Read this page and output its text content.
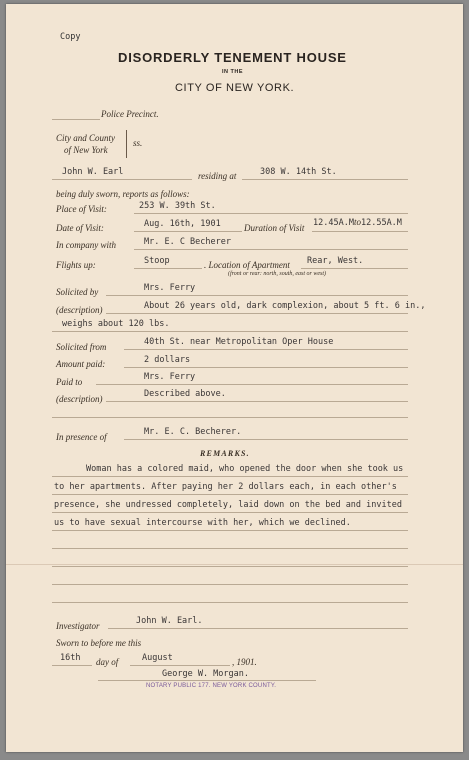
Copy
DISORDERLY TENEMENT HOUSE
IN THE
CITY OF NEW YORK.
Police Precinct.
City and County
of New York
ss.
John W. Earl	residing at	308 W. 14th St.
being duly sworn, reports as follows:
Place of Visit:	253 W. 39th St.
Date of Visit:	Aug. 16th, 1901	Duration of Visit 12.45A.Mto12.55A.M
In company with	Mr. E. C Becherer
Flights up:	Stoop	. Location of Apartment Rear, West.
(front or rear: north, south, east or west)
Solicited by	Mrs. Ferry
(description)	About 26 years old, dark complexion, about 5 ft. 6 in.,
weighs about 120 lbs.
Solicited from	40th St. near Metropolitan Oper House
Amount paid:	2 dollars
Paid to	Mrs. Ferry
(description)	Described above.
In presence of	Mr. E. C. Becherer.
REMARKS.
Woman has a colored maid, who opened the door when she took us
to her apartments. After paying her 2 dollars each, in each other's
presence, she undressed completely, laid down on the bed and invited
us to have sexual intercourse with her, which we declined.
Investigator	John W. Earl.
Sworn to before me this
16th day of	August	, 1901.
George W. Morgan.
NOTARY PUBLIC 177. NEW YORK COUNTY.
